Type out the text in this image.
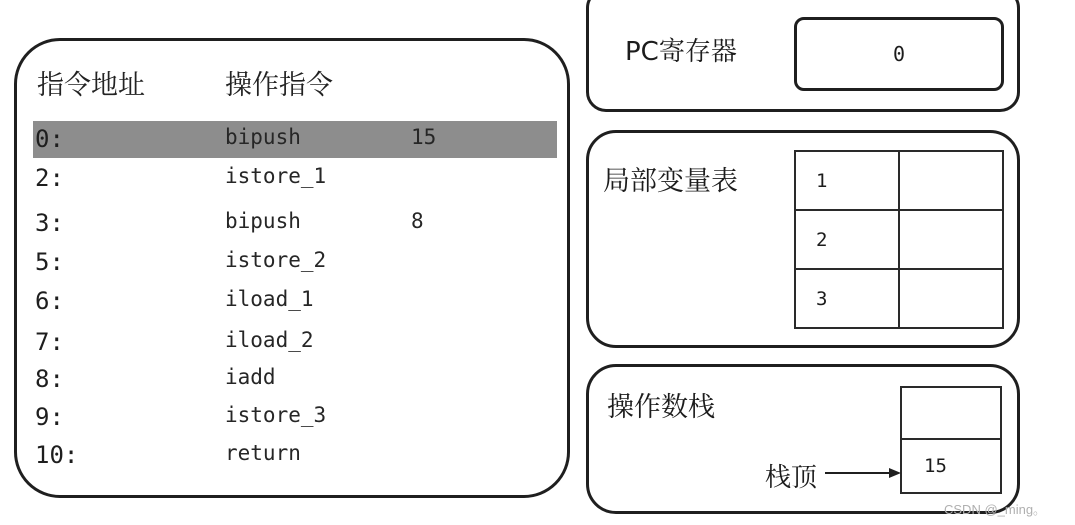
指令地址	操作指令
0:	bipush	15
2:	istore_1
3:	bipush	8
5:	istore_2
6:	iload_1
7:	iload_2
8:	iadd
9:	istore_3
10:	return
PC寄存器	0
局部变量表	1	
2	
3	
操作数栈
15
栈顶
CSDN @_ming。
